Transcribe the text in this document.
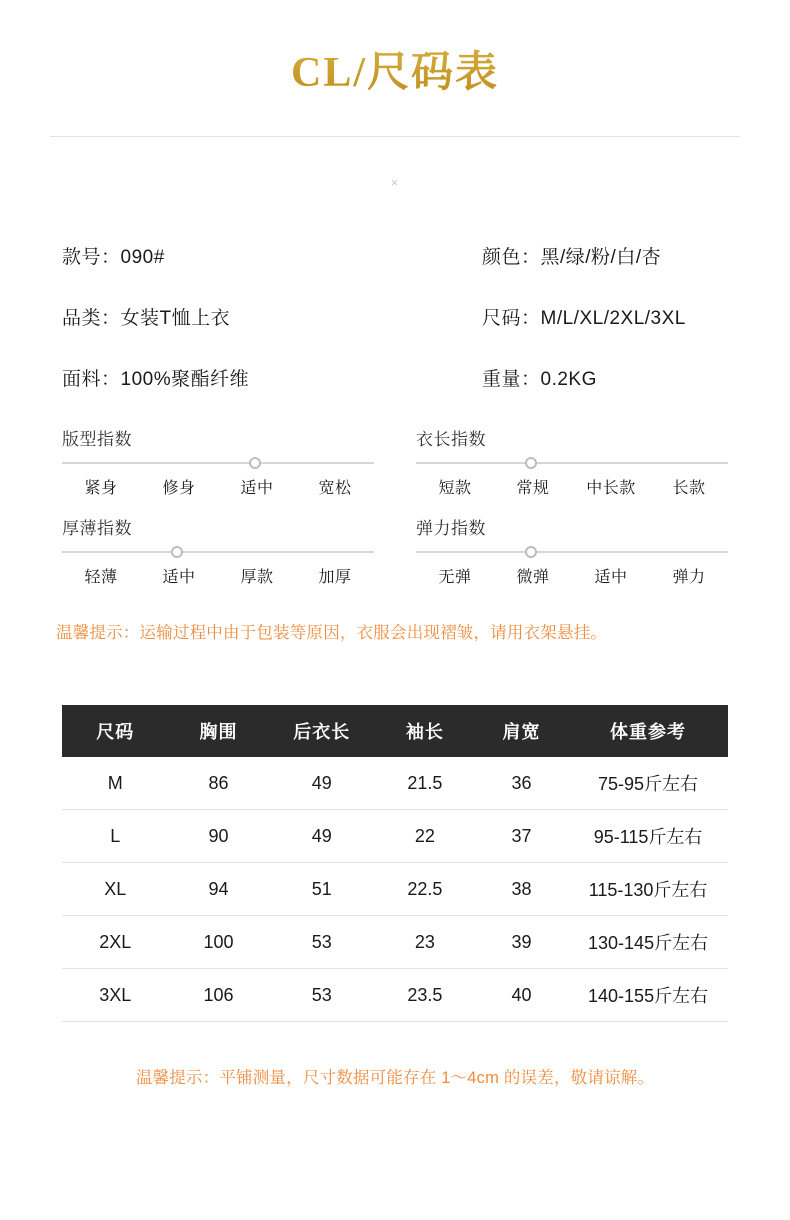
CL/尺码表
×
款号：090#	颜色：黑/绿/粉/白/杏
品类：女装T恤上衣	尺码：M/L/XL/2XL/3XL
面料：100%聚酯纤维	重量：0.2KG
版型指数
紧身	修身	适中	宽松
衣长指数
短款	常规	中长款	长款
厚薄指数
轻薄	适中	厚款	加厚
弹力指数
无弹	微弹	适中	弹力
温馨提示：运输过程中由于包装等原因，衣服会出现褶皱，请用衣架悬挂。
尺码	胸围	后衣长	袖长	肩宽	体重参考
M	86	49	21.5	36	75-95斤左右
L	90	49	22	37	95-115斤左右
XL	94	51	22.5	38	115-130斤左右
2XL	100	53	23	39	130-145斤左右
3XL	106	53	23.5	40	140-155斤左右
温馨提示：平铺测量，尺寸数据可能存在 1～4cm 的误差，敬请谅解。
